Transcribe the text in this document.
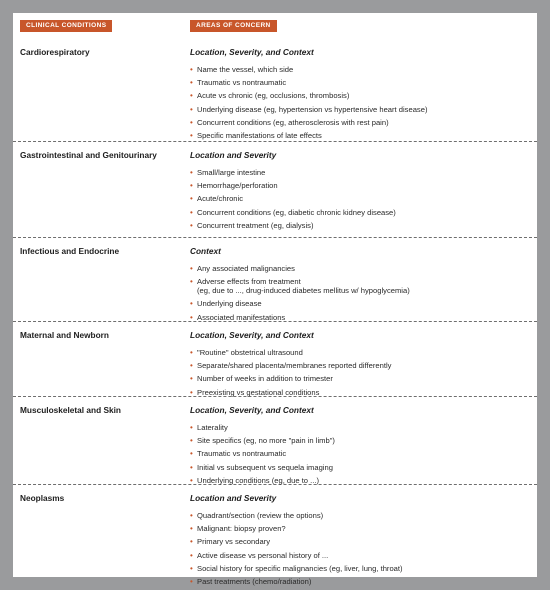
CLINICAL CONDITIONS	AREAS OF CONCERN
Cardiorespiratory	Location, Severity, and Context
• Name the vessel, which side
• Traumatic vs nontraumatic
• Acute vs chronic (eg, occlusions, thrombosis)
• Underlying disease (eg, hypertension vs hypertensive heart disease)
• Concurrent conditions (eg, atherosclerosis with rest pain)
• Specific manifestations of late effects
Gastrointestinal and Genitourinary	Location and Severity
• Small/large intestine
• Hemorrhage/perforation
• Acute/chronic
• Concurrent conditions (eg, diabetic chronic kidney disease)
• Concurrent treatment (eg, dialysis)
Infectious and Endocrine	Context
• Any associated malignancies
• Adverse effects from treatment
(eg, due to ..., drug-induced diabetes mellitus w/ hypoglycemia)
• Underlying disease
• Associated manifestations
Maternal and Newborn	Location, Severity, and Context
• "Routine" obstetrical ultrasound
• Separate/shared placenta/membranes reported differently
• Number of weeks in addition to trimester
• Preexisting vs gestational conditions
Musculoskeletal and Skin	Location, Severity, and Context
• Laterality
• Site specifics (eg, no more "pain in limb")
• Traumatic vs nontraumatic
• Initial vs subsequent vs sequela imaging
• Underlying conditions (eg, due to ...)
Neoplasms	Location and Severity
• Quadrant/section (review the options)
• Malignant: biopsy proven?
• Primary vs secondary
• Active disease vs personal history of ...
• Social history for specific malignancies (eg, liver, lung, throat)
• Past treatments (chemo/radiation)
